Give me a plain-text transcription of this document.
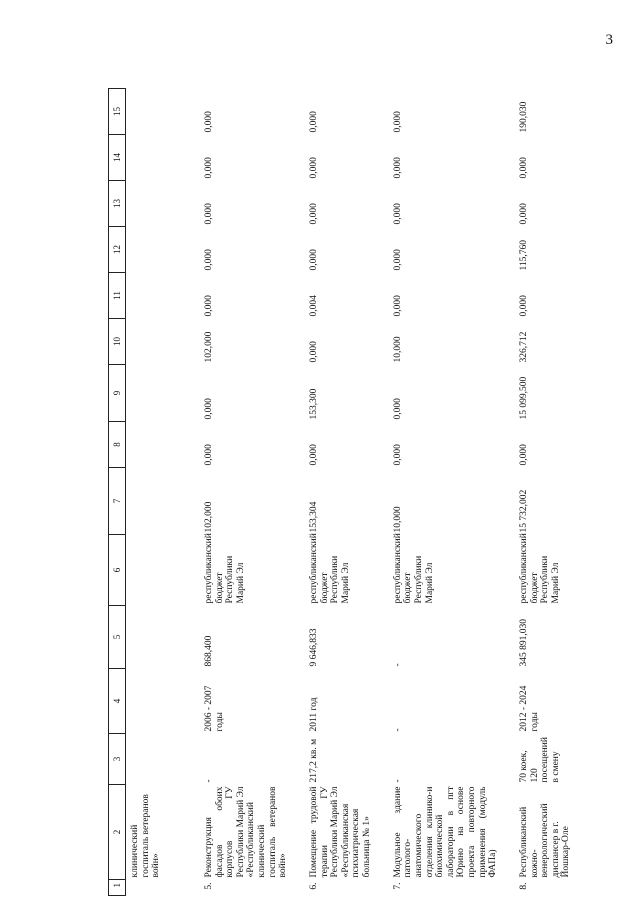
3
1	2	3	4	5	6	7	8	9	10	11	12	13	14	15

	клинический госпиталь ветеранов войн»													

5.	Реконструкция фасадов обоих корпусов ГУ Республики Марий Эл «Республиканский клинический госпиталь ветеранов войн»	-	2006 - 2007 годы	868,400	республиканский бюджет Республики Марий Эл	102,000	0,000	0,000	102,000	0,000	0,000	0,000	0,000	0,000
6.	Помещение трудовой терапии ГУ Республики Марий Эл «Республиканская психиатрическая больница № 1»	217,2 кв. м	2011 год	9 646,833	республиканский бюджет Республики Марий Эл	153,304	0,000	153,300	0,000	0,004	0,000	0,000	0,000	0,000
7.	Модульное здание патолого-анатомического отделения клинико-и биохимической лаборатории в пгт Юрино на основе проекта повторного применения (модуль ФАПа)	-	-	-	республиканский бюджет Республики Марий Эл	10,000	0,000	0,000	10,000	0,000	0,000	0,000	0,000	0,000
8.	Республиканский кожно-венерологический диспансер в г. Йошкар-Оле	70 коек, 120 посещений в смену	2012 - 2024 годы	345 891,030	республиканский бюджет Республики Марий Эл	15 732,002	0,000	15 099,500	326,712	0,000	115,760	0,000	0,000	190,030
